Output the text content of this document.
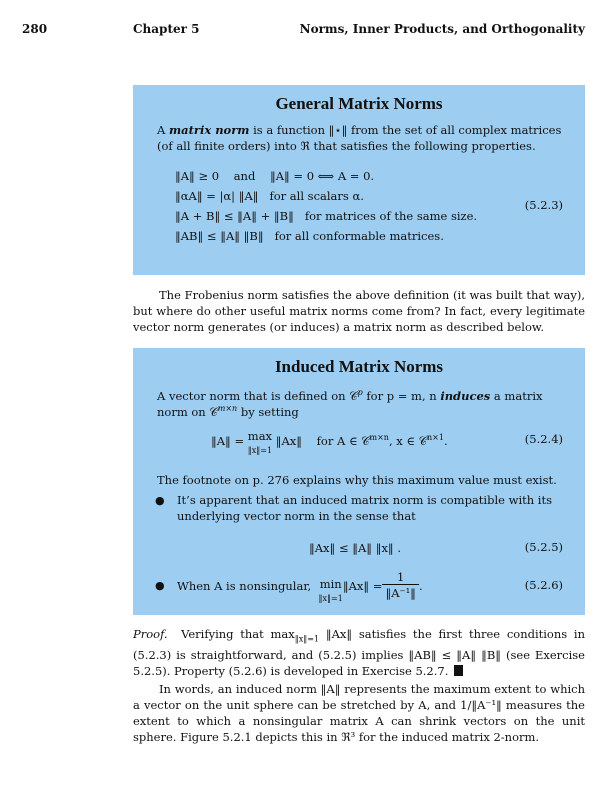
280	Chapter 5	Norms, Inner Products, and Orthogonality
General Matrix Norms
A matrix norm is a function ‖⋆‖ from the set of all complex matrices
(of all finite orders) into ℜ that satisfies the following properties.
‖A‖ ≥ 0 and ‖A‖ = 0 ⟺ A = 0.
‖αA‖ = |α| ‖A‖ for all scalars α.
‖A + B‖ ≤ ‖A‖ + ‖B‖ for matrices of the same size.
‖AB‖ ≤ ‖A‖ ‖B‖ for all conformable matrices.
(5.2.3)
The Frobenius norm satisfies the above definition (it was built that way), but where do other useful matrix norms come from? In fact, every legitimate vector norm generates (or induces) a matrix norm as described below.
Induced Matrix Norms
A vector norm that is defined on 𝒞$^p$ for p = m, n induces a matrix
norm on 𝒞$^{m\times n}$ by setting
‖A‖ = max
‖x‖=1 ‖Ax‖ for A ∈ 𝒞$^{m\times n}$, x ∈ 𝒞$^{n\times 1}$.	(5.2.4)
The footnote on p. 276 explains why this maximum value must exist.
● It’s apparent that an induced matrix norm is compatible with its
underlying vector norm in the sense that
‖Ax‖ ≤ ‖A‖ ‖x‖ .	(5.2.5)
● When A is nonsingular, min
‖x‖=1‖Ax‖ = $\frac{1}{\text{‖A⁻¹‖}}$ .	(5.2.6)
Proof. Verifying that $\max_{‖x‖=1}$ ‖Ax‖ satisfies the first three conditions in (5.2.3) is straightforward, and (5.2.5) implies ‖AB‖ ≤ ‖A‖ ‖B‖ (see Exercise 5.2.5). Property (5.2.6) is developed in Exercise 5.2.7.
In words, an induced norm ‖A‖ represents the maximum extent to which a vector on the unit sphere can be stretched by A, and 1/‖A⁻¹‖ measures the extent to which a nonsingular matrix A can shrink vectors on the unit sphere. Figure 5.2.1 depicts this in ℜ³ for the induced matrix 2-norm.
